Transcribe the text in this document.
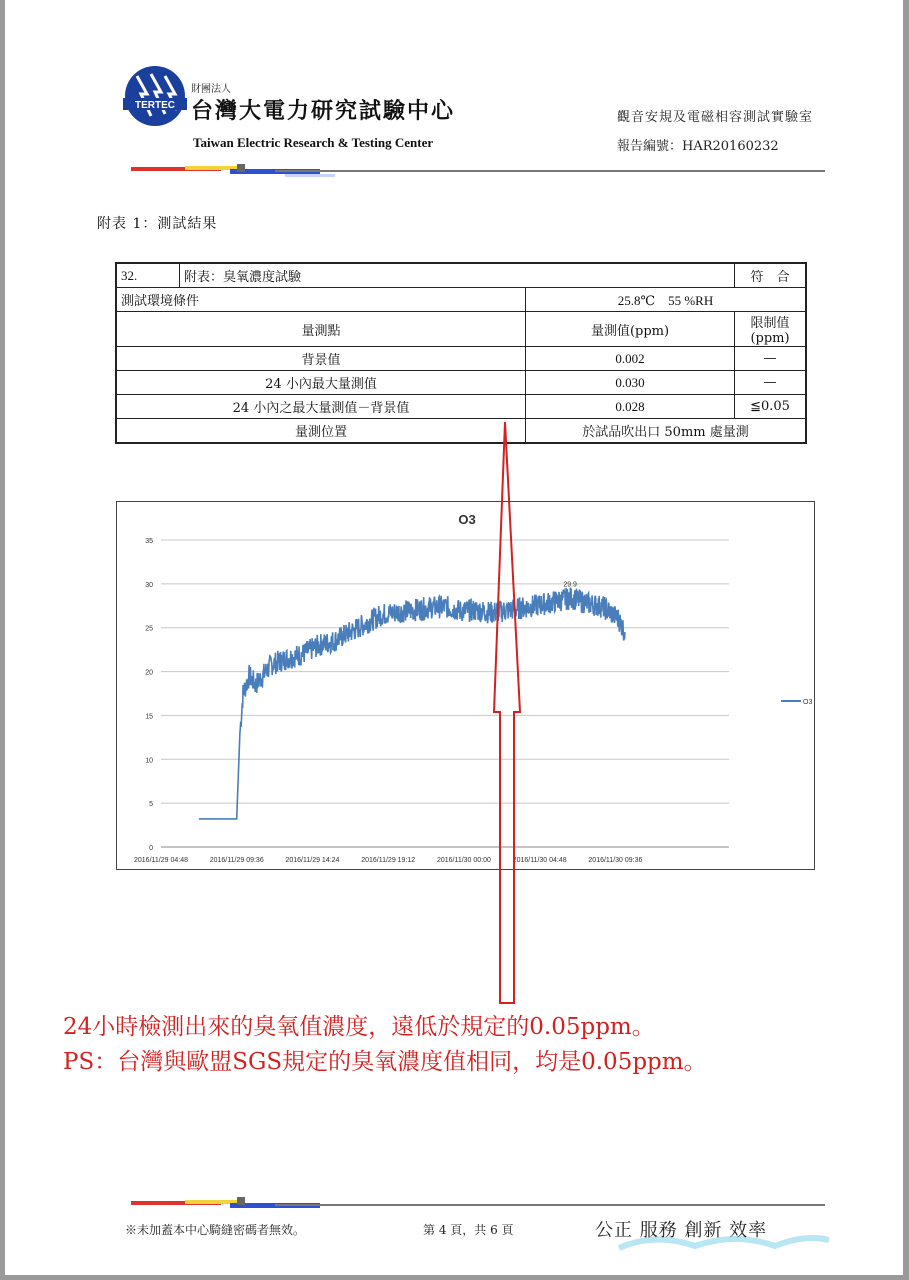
TERTEC
財團法人
台灣大電力研究試驗中心
Taiwan Electric Research & Testing Center
觀音安規及電磁相容測試實驗室
報告編號：HAR20160232
附表 1：測試結果
32.	附表：臭氧濃度試驗		符　合
測試環境條件		25.8℃　55 %RH	
量測點		量測值(ppm)	限制值(ppm)
背景值		0.002	—
24 小內最大量測值		0.030	—
24 小內之最大量測值－背景值		0.028	≦0.05
量測位置		於試品吹出口 50mm 處量測	
0
5
10
15
20
25
30
35
2016/11/29 04:48	2016/11/29 09:36	2016/11/29 14:24	2016/11/29 19:12	2016/11/30 00:00	2016/11/30 04:48	2016/11/30 09:36
O3
29.9
O3
24小時檢測出來的臭氧值濃度，遠低於規定的0.05ppm。
PS：台灣與歐盟SGS規定的臭氧濃度值相同，均是0.05ppm。
※未加蓋本中心騎縫密碼者無效。	第 4 頁，共 6 頁	公正 服務 創新 效率
